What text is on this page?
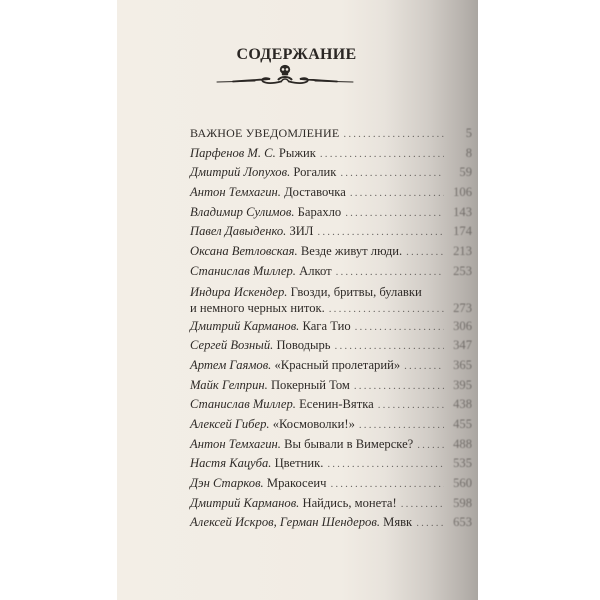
СОДЕРЖАНИЕ
ВАЖНОЕ УВЕДОМЛЕНИЕ . . .	5
Парфенов М. С. Рыжик . . .	8
Дмитрий Лопухов. Рогалик . . .	59
Антон Темхагин. Доставочка . . .	106
Владимир Сулимов. Барахло . . .	143
Павел Давыденко. ЗИЛ . . .	174
Оксана Ветловская. Везде живут люди. . . .	213
Станислав Миллер. Алкот . . .	253
Индира Искендер. Гвозди, бритвы, булавки
и немного черных ниток. . . .	273
Дмитрий Карманов. Кага Тио . . .	306
Сергей Возный. Поводырь . . .	347
Артем Гаямов. «Красный пролетарий» . . .	365
Майк Гелприн. Покерный Том . . .	395
Станислав Миллер. Есенин-Вятка . . .	438
Алексей Гибер. «Космоволки!» . . .	455
Антон Темхагин. Вы бывали в Вимерске? . . .	488
Настя Кацуба. Цветник. . . .	535
Дэн Старков. Мракосеич . . .	560
Дмитрий Карманов. Найдись, монета! . . .	598
Алексей Искров, Герман Шендеров. Мявк . . .	653
